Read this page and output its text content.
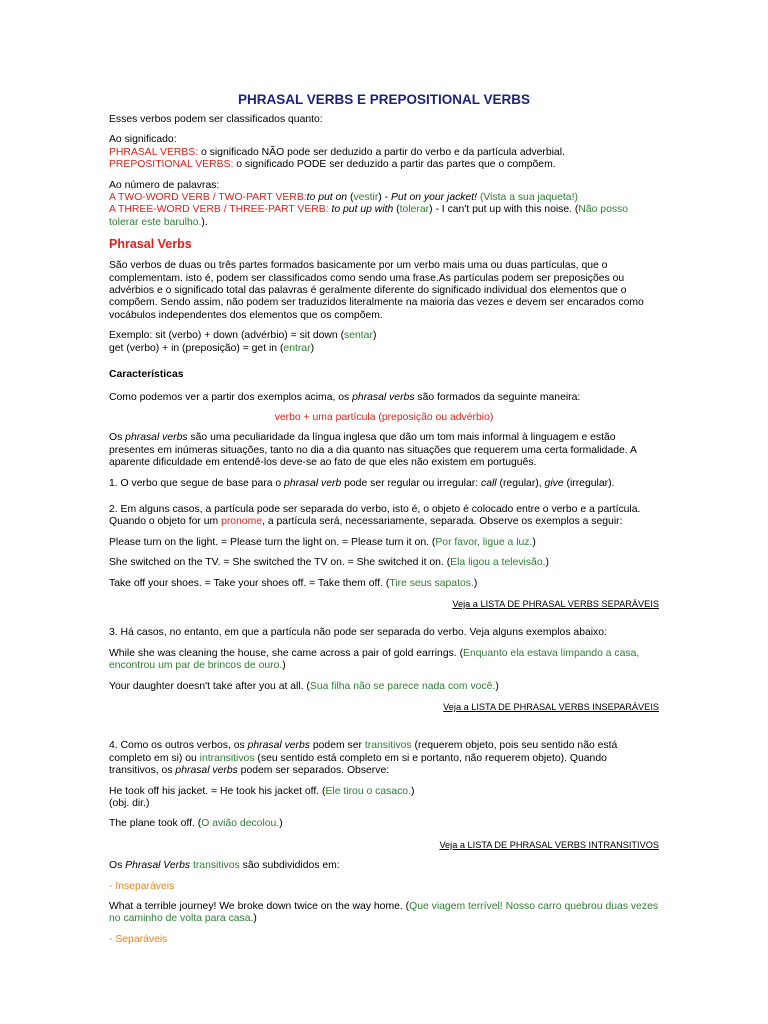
PHRASAL VERBS E PREPOSITIONAL VERBS

Esses verbos podem ser classificados quanto:

Ao significado:
PHRASAL VERBS: o significado NÃO pode ser deduzido a partir do verbo e da partícula adverbial.
PREPOSITIONAL VERBS: o significado PODE ser deduzido a partir das partes que o compõem.

Ao número de palavras:
A TWO-WORD VERB / TWO-PART VERB:to put on (vestir) - Put on your jacket! (Vista a sua jaqueta!)
A THREE-WORD VERB / THREE-PART VERB: to put up with (tolerar) - I can't put up with this noise. (Não posso tolerar este barulho.).

Phrasal Verbs

São verbos de duas ou três partes formados basicamente por um verbo mais uma ou duas partículas, que o complementam. isto é, podem ser classificados como sendo uma frase.As partículas podem ser preposições ou advérbios e o significado total das palavras é geralmente diferente do significado individual dos elementos que o compõem. Sendo assim, não podem ser traduzidos literalmente na maioria das vezes e devem ser encarados como vocábulos independentes dos elementos que os compõem.

Exemplo: sit (verbo) + down (advérbio) = sit down (sentar)
get (verbo) + in (preposição) = get in (entrar)

Características

Como podemos ver a partir dos exemplos acima, os phrasal verbs são formados da seguinte maneira:

verbo + uma partícula (preposição ou advérbio)

Os phrasal verbs são uma peculiaridade da língua inglesa que dão um tom mais informal à linguagem e estão presentes em inúmeras situações, tanto no dia a dia quanto nas situações que requerem uma certa formalidade. A aparente dificuldade em entendê-los deve-se ao fato de que eles não existem em português.

1. O verbo que segue de base para o phrasal verb pode ser regular ou irregular: call (regular), give (irregular).

2. Em alguns casos, a partícula pode ser separada do verbo, isto é, o objeto é colocado entre o verbo e a partícula. Quando o objeto for um pronome, a partícula será, necessariamente, separada. Observe os exemplos a seguir:

Please turn on the light. = Please turn the light on. = Please turn it on. (Por favor, ligue a luz.)

She switched on the TV. = She switched the TV on. = She switched it on. (Ela ligou a televisão.)

Take off your shoes. = Take your shoes off. = Take them off. (Tire seus sapatos.)

Veja a LISTA DE PHRASAL VERBS SEPARÁVEIS

3. Há casos, no entanto, em que a partícula não pode ser separada do verbo. Veja alguns exemplos abaixo:

While she was cleaning the house, she came across a pair of gold earrings. (Enquanto ela estava limpando a casa, encontrou um par de brincos de ouro.)

Your daughter doesn't take after you at all. (Sua filha não se parece nada com você.)

Veja a LISTA DE PHRASAL VERBS INSEPARÁVEIS

4. Como os outros verbos, os phrasal verbs podem ser transitivos (requerem objeto, pois seu sentido não está completo em si) ou intransitivos (seu sentido está completo em si e portanto, não requerem objeto). Quando transitivos, os phrasal verbs podem ser separados. Observe:

He took off his jacket. = He took his jacket off. (Ele tirou o casaco.)
(obj. dir.)

The plane took off. (O avião decolou.)

Veja a LISTA DE PHRASAL VERBS INTRANSITIVOS

Os Phrasal Verbs transitivos são subdivididos em:

- Inseparáveis

What a terrible journey! We broke down twice on the way home. (Que viagem terrível! Nosso carro quebrou duas vezes no caminho de volta para casa.)

- Separáveis
